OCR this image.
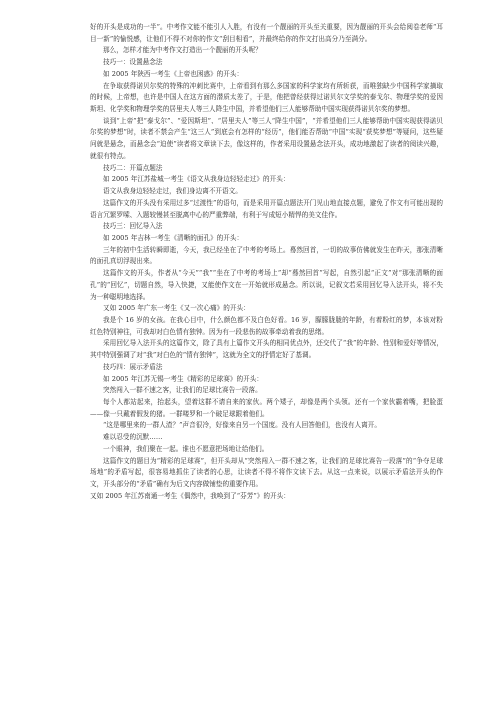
好的开头是成功的一半”。中考作文能不能引人入胜，有没有一个靓丽的开头至关重要，因为靓丽的开头会给阅卷老师“耳目一新”的愉悦感，让他们不得不对你的作文“刮目相看”，并最终给你的作文打出高分乃至满分。

那么，怎样才能为中考作文打造出一个靓丽的开头呢？

技巧一：设置悬念法

如 2005 年陕西一考生《上帝也困惑》的开头：

在争取获得诺贝尔奖的特殊的冲刺比赛中，上帝看到有那么多国家的科学家均有所斩获，而唯独缺少中国科学家摘取的时候，上帝想，也许是中国人在这方面的潜质太差了，于是，他把曾经获得过诺贝尔文学奖的泰戈尔、物理学奖的爱因斯坦、化学奖和物理学奖的居里夫人等三人降生中国，并希望他们三人能够帮助中国实现获得诺贝尔奖的梦想。

谈到“上帝”把“泰戈尔”、“爱因斯坦”、“居里夫人”等三人“降生中国”，“并希望他们三人能够帮助中国实现获得诺贝尔奖的梦想”时，读者不禁会产生“这三人”到底会有怎样的“经历”，他们能否帮助“中国”实现“获奖梦想”等疑问，这些疑问就是悬念，而悬念会“迫使”读者将文章读下去，像这样的，作者采用设置悬念法开头，成功地激起了读者的阅读兴趣，就很有特点。

技巧二：开篇点题法

如 2005 年江苏盐城一考生《语文从我身边轻轻走过》的开头：

语文从我身边轻轻走过，我们身边离不开语文。

这篇作文的开头没有采用过多“过渡性”的语句，而是采用开篇点题法开门见山地直接点题，避免了作文有可能出现的语言冗繁罗嗦、入题较慢甚至脱离中心的严重弊端，有利于写成短小精悍的美文佳作。

技巧三：回忆导入法

如 2005 年吉林一考生《清晰的面孔》的开头：

三年的初中生活转瞬即逝，今天，我已经坐在了中考的考场上。蓦然回首，一切的故事仿佛就发生在昨天，那张清晰的面孔真切浮现出来。

这篇作文的开头，作者从“今天”“我”“坐在了中考的考场上”却“蓦然回首”写起，自然引起“正文”对“那张清晰的面孔”的“回忆”，切题自然，导入快捷，又能使作文在一开始就形成悬念。所以说，记叙文若采用回忆导入法开头，将不失为一种聪明地选择。

又如 2005 年广东一考生《又一次心痛》的开头：

我是个 16 岁的女孩。在我心目中，什么颜色都不及白色好看。16 岁，朦朦胧胧的年龄，有着粉红的梦，本该对粉红色特别神往，可我却对白色情有独钟。因为有一段悲伤的故事牵动着我的思绪。

采用回忆导入法开头的这篇作文，除了具有上篇作文开头的相同优点外，还交代了“我”的年龄、性别和爱好等情况，其中特别强调了对“我”对白色的“情有独钟”，这就为全文的抒情定好了基调。

技巧四：展示矛盾法

如 2005 年江苏无锡一考生《精彩的足球赛》的开头：

突然闯入一群不速之客，让我们的足球比赛告一段落。

每个人都站起来，抬起头，望着这群不请自来的家伙。两个矮子，却像是两个头领。还有一个家伙霸着嘴，把脸蛋——像一只戴着假发的猪。一群喽罗和一个破足球跟着他们。

“这是哪里来的一群人渣？”声音很冷，好像来自另一个国度。没有人回答他们，也没有人离开。

难以忍受的沉默……

一个眼神，我们聚在一起。谁也不愿意把场地让给他们。

这篇作文的题目为“精彩的足球赛”，但开头却从“突然闯入一群不速之客，让我们的足球比赛告一段落”的“争夺足球场地”的矛盾写起，很容易地抓住了读者的心思，让读者不得不将作文读下去。从这一点来说，以展示矛盾法开头的作文，开头部分的“矛盾”确有为后文内容做铺垫的重要作用。

又如 2005 年江苏南通一考生《偶然中，我唤到了“芬芳”》的开头：
